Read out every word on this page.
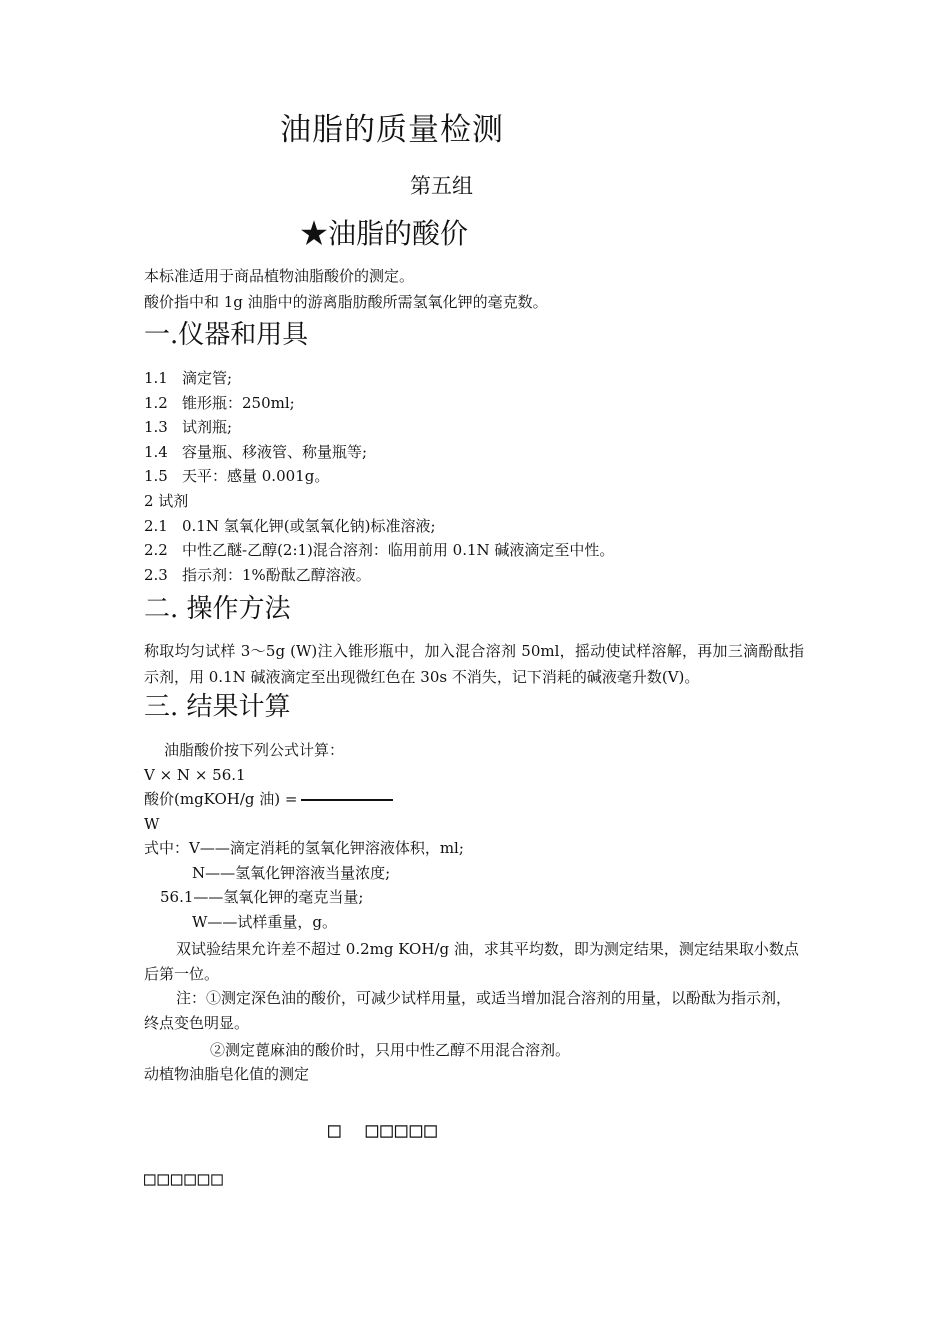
油脂的质量检测
第五组
★油脂的酸价
本标准适用于商品植物油脂酸价的测定。
酸价指中和 1g 油脂中的游离脂肪酸所需氢氧化钾的毫克数。
一.仪器和用具
1.1 滴定管;
1.2 锥形瓶：250ml;
1.3 试剂瓶;
1.4 容量瓶、移液管、称量瓶等;
1.5 天平：感量 0.001g。
2 试剂
2.1 0.1N 氢氧化钾(或氢氧化钠)标准溶液;
2.2 中性乙醚-乙醇(2:1)混合溶剂：临用前用 0.1N 碱液滴定至中性。
2.3 指示剂：1%酚酞乙醇溶液。
二. 操作方法
称取均匀试样 3～5g (W)注入锥形瓶中，加入混合溶剂 50ml，摇动使试样溶解，再加三滴酚酞指示剂，用 0.1N 碱液滴定至出现微红色在 30s 不消失，记下消耗的碱液毫升数(V)。
三. 结果计算
油脂酸价按下列公式计算：
V × N × 56.1
酸价(mgKOH/g 油) =
W
式中：V——滴定消耗的氢氧化钾溶液体积，ml;
N——氢氧化钾溶液当量浓度;
56.1——氢氧化钾的毫克当量;
W——试样重量，g。
双试验结果允许差不超过 0.2mg KOH/g 油，求其平均数，即为测定结果，测定结果取小数点后第一位。
注：①测定深色油的酸价，可减少试样用量，或适当增加混合溶剂的用量，以酚酞为指示剂，终点变色明显。
②测定蓖麻油的酸价时，只用中性乙醇不用混合溶剂。
动植物油脂皂化值的测定
□　□□□□□
□□□□□□
